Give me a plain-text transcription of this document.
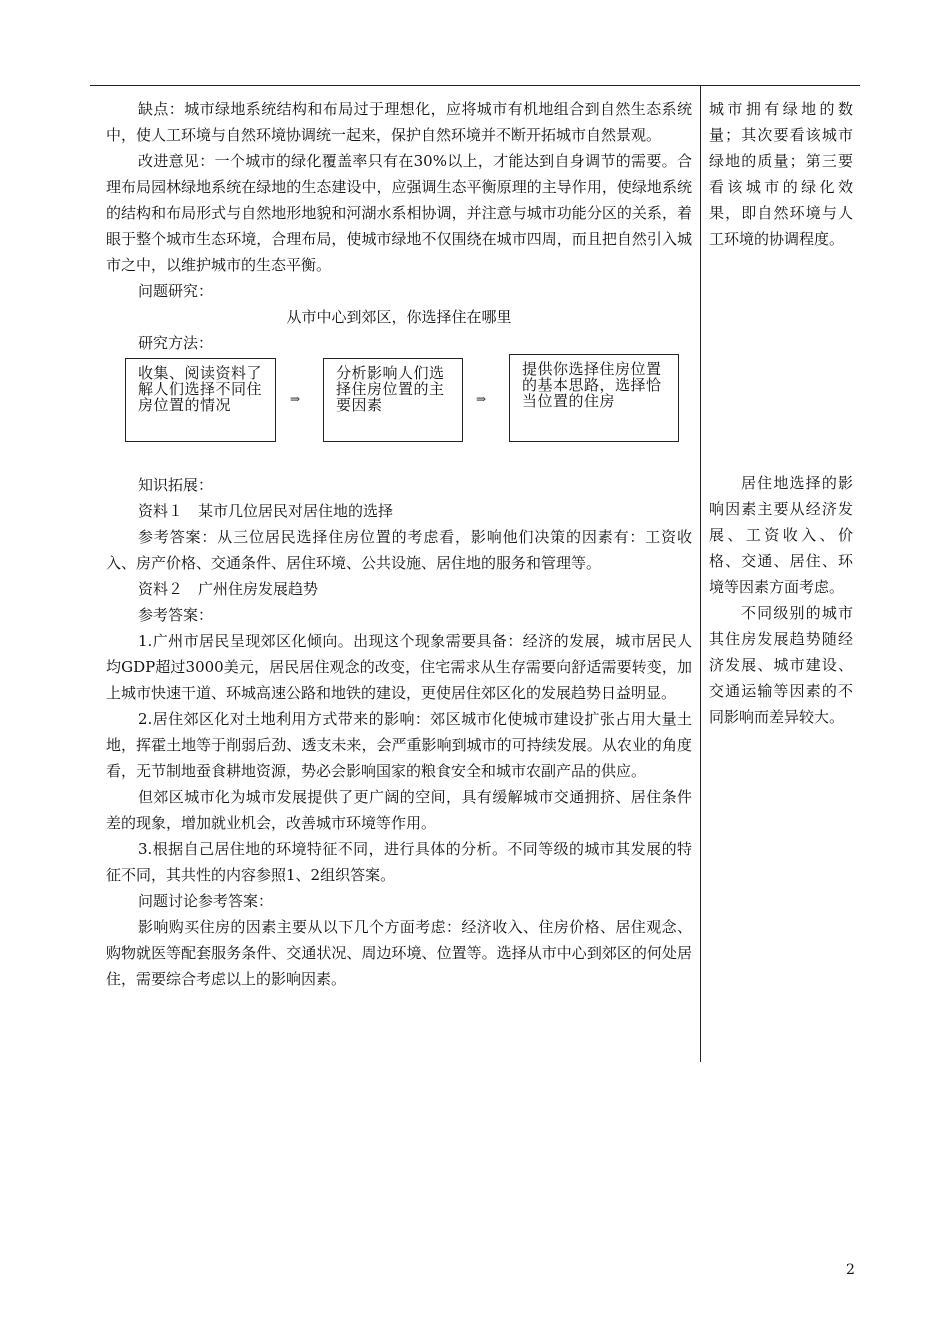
缺点：城市绿地系统结构和布局过于理想化，应将城市有机地组合到自然生态系统中，使人工环境与自然环境协调统一起来，保护自然环境并不断开拓城市自然景观。

改进意见：一个城市的绿化覆盖率只有在30%以上，才能达到自身调节的需要。合理布局园林绿地系统在绿地的生态建设中，应强调生态平衡原理的主导作用，使绿地系统的结构和布局形式与自然地形地貌和河湖水系相协调，并注意与城市功能分区的关系，着眼于整个城市生态环境，合理布局，使城市绿地不仅围绕在城市四周，而且把自然引入城市之中，以维护城市的生态平衡。

问题研究：

从市中心到郊区，你选择住在哪里

研究方法：

收集、阅读资料了解人们选择不同住房位置的情况	⇒
分析影响人们选择住房位置的主要因素	⇒
提供你选择住房位置的基本思路，选择恰当位置的住房

知识拓展：

资料１　某市几位居民对居住地的选择

参考答案：从三位居民选择住房位置的考虑看，影响他们决策的因素有：工资收入、房产价格、交通条件、居住环境、公共设施、居住地的服务和管理等。

资料２　广州住房发展趋势

参考答案：

1.广州市居民呈现郊区化倾向。出现这个现象需要具备：经济的发展，城市居民人均GDP超过3000美元，居民居住观念的改变，住宅需求从生存需要向舒适需要转变，加上城市快速干道、环城高速公路和地铁的建设，更使居住郊区化的发展趋势日益明显。

2.居住郊区化对土地利用方式带来的影响：郊区城市化使城市建设扩张占用大量土地，挥霍土地等于削弱后劲、透支未来，会严重影响到城市的可持续发展。从农业的角度看，无节制地蚕食耕地资源，势必会影响国家的粮食安全和城市农副产品的供应。

但郊区城市化为城市发展提供了更广阔的空间，具有缓解城市交通拥挤、居住条件差的现象，增加就业机会，改善城市环境等作用。

3.根据自己居住地的环境特征不同，进行具体的分析。不同等级的城市其发展的特征不同，其共性的内容参照1、2组织答案。

问题讨论参考答案：

影响购买住房的因素主要从以下几个方面考虑：经济收入、住房价格、居住观念、购物就医等配套服务条件、交通状况、周边环境、位置等。选择从市中心到郊区的何处居住，需要综合考虑以上的影响因素。

城市拥有绿地的数量；其次要看该城市绿地的质量；第三要看该城市的绿化效果，即自然环境与人工环境的协调程度。

居住地选择的影响因素主要从经济发展、工资收入、价格、交通、居住、环境等因素方面考虑。

不同级别的城市其住房发展趋势随经济发展、城市建设、交通运输等因素的不同影响而差异较大。

2
